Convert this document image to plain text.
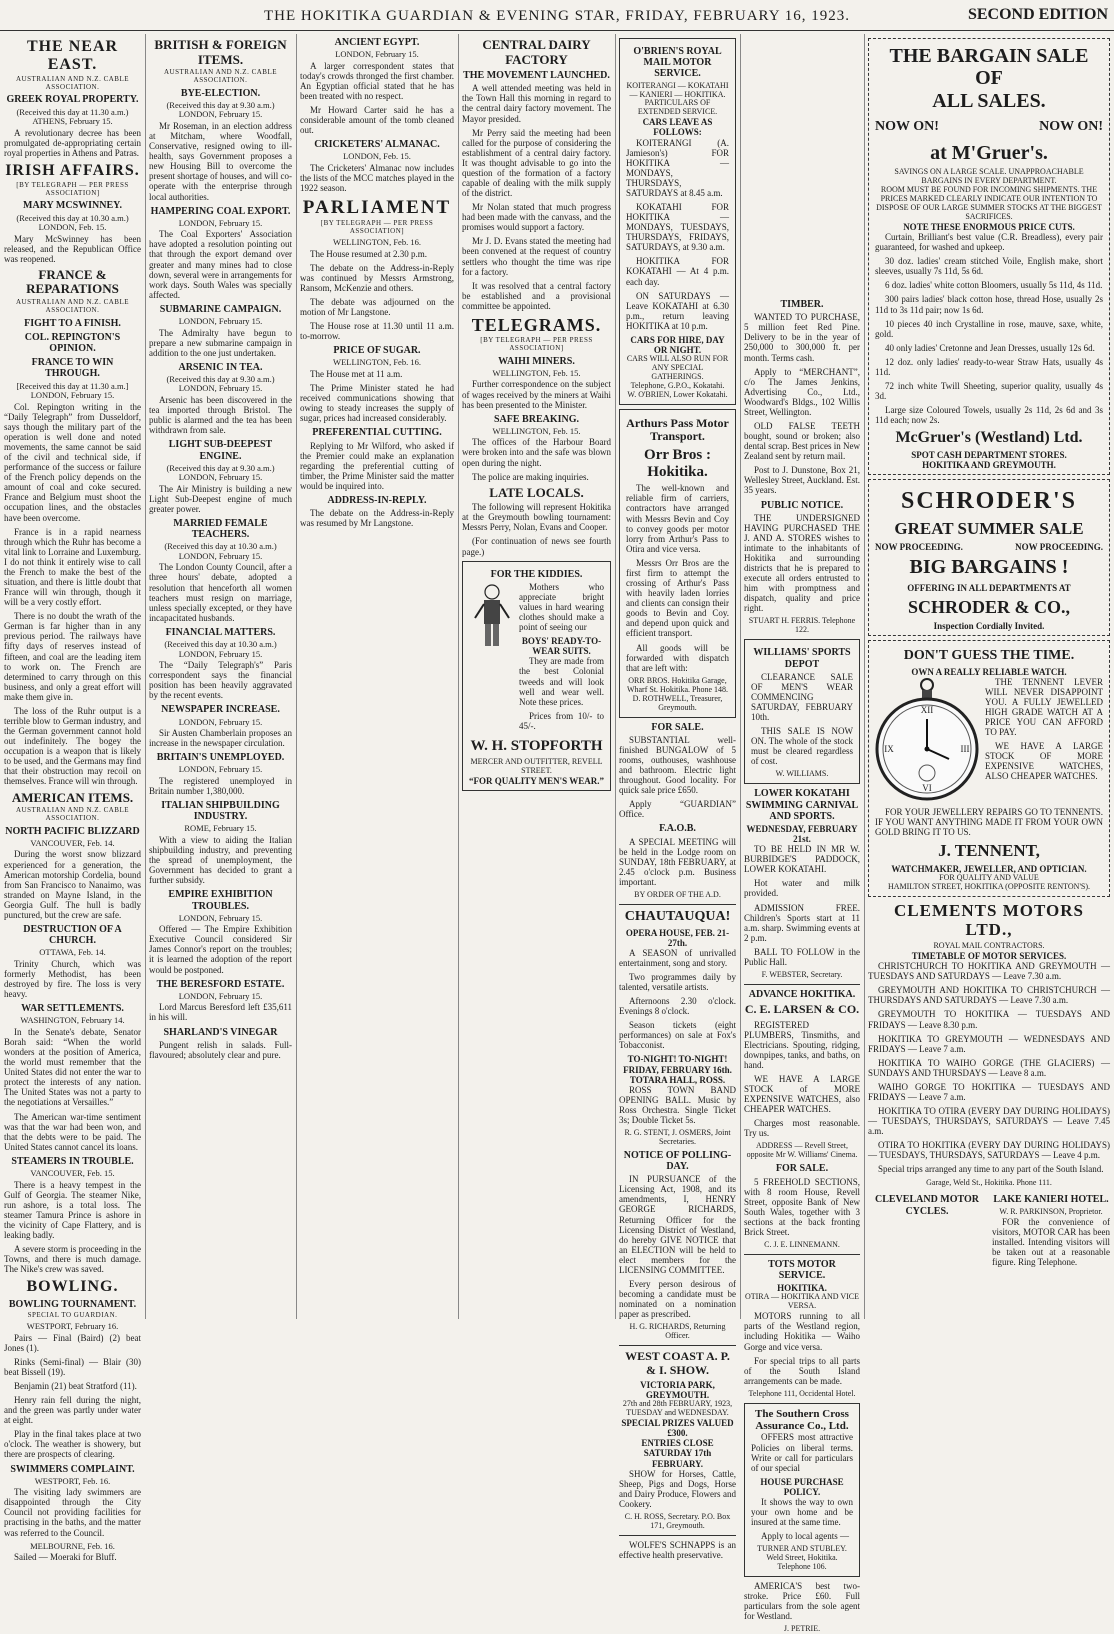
THE HOKITIKA GUARDIAN & EVENING STAR, FRIDAY, FEBRUARY 16, 1923.	SECOND EDITION
THE NEAR EAST.
AUSTRALIAN AND N.Z. CABLE ASSOCIATION.
GREEK ROYAL PROPERTY.
(Received this day at 11.30 a.m.) ATHENS, February 15.

A revolutionary decree has been promulgated de-appropriating certain royal properties in Athens and Patras.

IRISH AFFAIRS.
[BY TELEGRAPH — PER PRESS ASSOCIATION]
MARY MCSWINNEY.
(Received this day at 10.30 a.m.) LONDON, Feb. 15.

Mary McSwinney has been released, and the Republican Office was reopened.

FRANCE & REPARATIONS
AUSTRALIAN AND N.Z. CABLE ASSOCIATION.
FIGHT TO A FINISH.
COL. REPINGTON'S OPINION.
FRANCE TO WIN THROUGH.
[Received this day at 11.30 a.m.] LONDON, February 15.

Col. Repington writing in the “Daily Telegraph” from Dusseldorf, says though the military part of the operation is well done and noted movements, the same cannot be said of the civil and technical side, if performance of the success or failure of the French policy depends on the amount of coal and coke secured. France and Belgium must shoot the occupation lines, and the obstacles have been overcome.

France is in a rapid nearness through which the Ruhr has become a vital link to Lorraine and Luxemburg. I do not think it entirely wise to call the French to make the best of the situation, and there is little doubt that France will win through, though it will be a very costly effort.

There is no doubt the wrath of the German is far higher than in any previous period. The railways have fifty days of reserves instead of fifteen, and coal are the leading item to work on. The French are determined to carry through on this business, and only a great effort will make them give in.

The loss of the Ruhr output is a terrible blow to German industry, and the German government cannot hold out indefinitely. The bogey the occupation is a weapon that is likely to be used, and the Germans may find that their obstruction may recoil on themselves. France will win through.

AMERICAN ITEMS.
AUSTRALIAN AND N.Z. CABLE ASSOCIATION.
NORTH PACIFIC BLIZZARD
VANCOUVER, Feb. 14.

During the worst snow blizzard experienced for a generation, the American motorship Cordelia, bound from San Francisco to Nanaimo, was stranded on Mayne Island, in the Georgia Gulf. The hull is badly punctured, but the crew are safe.

DESTRUCTION OF A CHURCH.
OTTAWA, Feb. 14.

Trinity Church, which was formerly Methodist, has been destroyed by fire. The loss is very heavy.

WAR SETTLEMENTS.
WASHINGTON, February 14.

In the Senate's debate, Senator Borah said: “When the world wonders at the position of America, the world must remember that the United States did not enter the war to protect the interests of any nation. The United States was not a party to the negotiations at Versailles.”

The American war-time sentiment was that the war had been won, and that the debts were to be paid. The United States cannot cancel its loans.

STEAMERS IN TROUBLE.
VANCOUVER, Feb. 15.

There is a heavy tempest in the Gulf of Georgia. The steamer Nike, run ashore, is a total loss. The steamer Tamura Prince is ashore in the vicinity of Cape Flattery, and is leaking badly.

A severe storm is proceeding in the Towns, and there is much damage. The Nike's crew was saved.

BOWLING.
BOWLING TOURNAMENT.
SPECIAL TO GUARDIAN.
WESTPORT, February 16.

Pairs — Final (Baird) (2) beat Jones (1).

Rinks (Semi-final) — Blair (30) beat Bissell (19).

Benjamin (21) beat Stratford (11).

Henry rain fell during the night, and the green was partly under water at eight.

Play in the final takes place at two o'clock. The weather is showery, but there are prospects of clearing.

SWIMMERS COMPLAINT.
WESTPORT, Feb. 16.

The visiting lady swimmers are disappointed through the City Council not providing facilities for practising in the baths, and the matter was referred to the Council.

MELBOURNE, Feb. 16.

Sailed — Moeraki for Bluff.

BRITISH & FOREIGN ITEMS.
AUSTRALIAN AND N.Z. CABLE ASSOCIATION.
BYE-ELECTION.
(Received this day at 9.30 a.m.) LONDON, February 15.

Mr Roseman, in an election address at Mitcham, where Woodfall, Conservative, resigned owing to ill-health, says Government proposes a new Housing Bill to overcome the present shortage of houses, and will co-operate with the enterprise through local authorities.

HAMPERING COAL EXPORT.
LONDON, February 15.

The Coal Exporters' Association have adopted a resolution pointing out that through the export demand over greater and many mines had to close down, several were in arrangements for work days. South Wales was specially affected.

SUBMARINE CAMPAIGN.
LONDON, February 15.

The Admiralty have begun to prepare a new submarine campaign in addition to the one just undertaken.

ARSENIC IN TEA.
(Received this day at 9.30 a.m.) LONDON, February 15.

Arsenic has been discovered in the tea imported through Bristol. The public is alarmed and the tea has been withdrawn from sale.

LIGHT SUB-DEEPEST ENGINE.
(Received this day at 9.30 a.m.) LONDON, February 15.

The Air Ministry is building a new Light Sub-Deepest engine of much greater power.

MARRIED FEMALE TEACHERS.
(Received this day at 10.30 a.m.) LONDON, February 15.

The London County Council, after a three hours' debate, adopted a resolution that henceforth all women teachers must resign on marriage, unless specially excepted, or they have incapacitated husbands.

FINANCIAL MATTERS.
(Received this day at 10.30 a.m.) LONDON, February 15.

The “Daily Telegraph's” Paris correspondent says the financial position has been heavily aggravated by the recent events.

NEWSPAPER INCREASE.
LONDON, February 15.

Sir Austen Chamberlain proposes an increase in the newspaper circulation.

BRITAIN'S UNEMPLOYED.
LONDON, February 15.

The registered unemployed in Britain number 1,380,000.

ITALIAN SHIPBUILDING INDUSTRY.
ROME, February 15.

With a view to aiding the Italian shipbuilding industry, and preventing the spread of unemployment, the Government has decided to grant a further subsidy.

EMPIRE EXHIBITION TROUBLES.
LONDON, February 15.

Offered — The Empire Exhibition Executive Council considered Sir James Connor's report on the troubles; it is learned the adoption of the report would be postponed.

THE BERESFORD ESTATE.
LONDON, February 15.

Lord Marcus Beresford left £35,611 in his will.

SHARLAND'S VINEGAR

Pungent relish in salads. Full-flavoured; absolutely clear and pure.

ANCIENT EGYPT.
LONDON, February 15.

A larger correspondent states that today's crowds thronged the first chamber. An Egyptian official stated that he has been treated with no respect.

Mr Howard Carter said he has a considerable amount of the tomb cleaned out.

CRICKETERS' ALMANAC.
LONDON, Feb. 15.

The Cricketers' Almanac now includes the lists of the MCC matches played in the 1922 season.

PARLIAMENT
[BY TELEGRAPH — PER PRESS ASSOCIATION]
WELLINGTON, Feb. 16.

The House resumed at 2.30 p.m.

The debate on the Address-in-Reply was continued by Messrs Armstrong, Ransom, McKenzie and others.

The debate was adjourned on the motion of Mr Langstone.

The House rose at 11.30 until 11 a.m. to-morrow.

PRICE OF SUGAR.
WELLINGTON, Feb. 16.

The House met at 11 a.m.

The Prime Minister stated he had received communications showing that owing to steady increases the supply of sugar, prices had increased considerably.

PREFERENTIAL CUTTING.

Replying to Mr Wilford, who asked if the Premier could make an explanation regarding the preferential cutting of timber, the Prime Minister said the matter would be inquired into.

ADDRESS-IN-REPLY.

The debate on the Address-in-Reply was resumed by Mr Langstone.

CENTRAL DAIRY FACTORY
THE MOVEMENT LAUNCHED.

A well attended meeting was held in the Town Hall this morning in regard to the central dairy factory movement. The Mayor presided.

Mr Perry said the meeting had been called for the purpose of considering the establishment of a central dairy factory. It was thought advisable to go into the question of the formation of a factory capable of dealing with the milk supply of the district.

Mr Nolan stated that much progress had been made with the canvass, and the promises would support a factory.

Mr J. D. Evans stated the meeting had been convened at the request of country settlers who thought the time was ripe for a factory.

It was resolved that a central factory be established and a provisional committee be appointed.

TELEGRAMS.
[BY TELEGRAPH — PER PRESS ASSOCIATION]
WAIHI MINERS.
WELLINGTON, Feb. 15.

Further correspondence on the subject of wages received by the miners at Waihi has been presented to the Minister.

SAFE BREAKING.
WELLINGTON, Feb. 15.

The offices of the Harbour Board were broken into and the safe was blown open during the night.

The police are making inquiries.

LATE LOCALS.

The following will represent Hokitika at the Greymouth bowling tournament: Messrs Perry, Nolan, Evans and Cooper.

(For continuation of news see fourth page.)

FOR THE KIDDIES.

Mothers who appreciate bright values in hard wearing clothes should make a point of seeing our

BOYS' READY-TO-WEAR SUITS.

They are made from the best Colonial tweeds and will look well and wear well. Note these prices.

Prices from 10/- to 45/-.

W. H. STOPFORTH
MERCER AND OUTFITTER, REVELL STREET.
“FOR QUALITY MEN'S WEAR.”
O'BRIEN'S ROYAL MAIL MOTOR SERVICE.
KOITERANGI — KOKATAHI — KANIERI — HOKITIKA.
PARTICULARS OF EXTENDED SERVICE.
CARS LEAVE AS FOLLOWS:

KOITERANGI (A. Jamieson's) FOR HOKITIKA — MONDAYS, THURSDAYS, SATURDAYS at 8.45 a.m.

KOKATAHI FOR HOKITIKA — MONDAYS, TUESDAYS, THURSDAYS, FRIDAYS, SATURDAYS, at 9.30 a.m.

HOKITIKA FOR KOKATAHI — At 4 p.m. each day.

ON SATURDAYS — Leave KOKATAHI at 6.30 p.m., return leaving HOKITIKA at 10 p.m.

CARS FOR HIRE, DAY OR NIGHT.
CARS WILL ALSO RUN FOR ANY SPECIAL GATHERINGS.
Telephone, G.P.O., Kokatahi.
W. O'BRIEN, Lower Kokatahi.
Arthurs Pass Motor Transport.
Orr Bros : Hokitika.

The well-known and reliable firm of carriers, contractors have arranged with Messrs Bevin and Coy to convey goods per motor lorry from Arthur's Pass to Otira and vice versa.

Messrs Orr Bros are the first firm to attempt the crossing of Arthur's Pass with heavily laden lorries and clients can consign their goods to Bevin and Coy. and depend upon quick and efficient transport.

All goods will be forwarded with dispatch that are left with:

ORR BROS. Hokitika Garage, Wharf St. Hokitika. Phone 148.
D. ROTHWELL, Treasurer, Greymouth.
FOR SALE.

SUBSTANTIAL well-finished BUNGALOW of 5 rooms, outhouses, washhouse and bathroom. Electric light throughout. Good locality. For quick sale price £650.

Apply “GUARDIAN” Office.

F.A.O.B.

A SPECIAL MEETING will be held in the Lodge room on SUNDAY, 18th FEBRUARY, at 2.45 o'clock p.m. Business important.

BY ORDER OF THE A.D.
CHAUTAUQUA!
OPERA HOUSE, FEB. 21-27th.

A SEASON of unrivalled entertainment, song and story.

Two programmes daily by talented, versatile artists.

Afternoons 2.30 o'clock. Evenings 8 o'clock.

Season tickets (eight performances) on sale at Fox's Tobacconist.

TO-NIGHT! TO-NIGHT!
FRIDAY, FEBRUARY 16th.
TOTARA HALL, ROSS.

ROSS TOWN BAND OPENING BALL. Music by Ross Orchestra. Single Ticket 3s; Double Ticket 5s.

R. G. STENT, J. OSMERS, Joint Secretaries.
NOTICE OF POLLING-DAY.

IN PURSUANCE of the Licensing Act, 1908, and its amendments, I, HENRY GEORGE RICHARDS, Returning Officer for the Licensing District of Westland, do hereby GIVE NOTICE that an ELECTION will be held to elect members for the LICENSING COMMITTEE.

Every person desirous of becoming a candidate must be nominated on a nomination paper as prescribed.

H. G. RICHARDS, Returning Officer.
WEST COAST A. P. & I. SHOW.
VICTORIA PARK, GREYMOUTH.
27th and 28th FEBRUARY, 1923, TUESDAY and WEDNESDAY.
SPECIAL PRIZES VALUED £300.
ENTRIES CLOSE SATURDAY 17th FEBRUARY.

SHOW for Horses, Cattle, Sheep, Pigs and Dogs, Horse and Dairy Produce, Flowers and Cookery.

C. H. ROSS, Secretary. P.O. Box 171, Greymouth.

WOLFE'S SCHNAPPS is an effective health preservative.

TIMBER.

WANTED TO PURCHASE, 5 million feet Red Pine. Delivery to be in the year of 250,000 to 300,000 ft. per month. Terms cash.

Apply to “MERCHANT”, c/o The James Jenkins, Advertising Co., Ltd., Woodward's Bldgs., 102 Willis Street, Wellington.

OLD FALSE TEETH bought, sound or broken; also dental scrap. Best prices in New Zealand sent by return mail.

Post to J. Dunstone, Box 21, Wellesley Street, Auckland. Est. 35 years.

PUBLIC NOTICE.

THE UNDERSIGNED HAVING PURCHASED THE J. AND A. STORES wishes to intimate to the inhabitants of Hokitika and surrounding districts that he is prepared to execute all orders entrusted to him with promptness and dispatch, quality and price right.

STUART H. FERRIS. Telephone 122.
WILLIAMS' SPORTS DEPOT

CLEARANCE SALE OF MEN'S WEAR COMMENCING SATURDAY, FEBRUARY 10th.

THIS SALE IS NOW ON. The whole of the stock must be cleared regardless of cost.

W. WILLIAMS.
LOWER KOKATAHI SWIMMING CARNIVAL AND SPORTS.
WEDNESDAY, FEBRUARY 21st.

TO BE HELD IN MR W. BURBIDGE'S PADDOCK, LOWER KOKATAHI.

Hot water and milk provided.

ADMISSION FREE. Children's Sports start at 11 a.m. sharp. Swimming events at 2 p.m.

BALL TO FOLLOW in the Public Hall.

F. WEBSTER, Secretary.
ADVANCE HOKITIKA.
C. E. LARSEN & CO.

REGISTERED PLUMBERS, Tinsmiths, and Electricians. Spouting, ridging, downpipes, tanks, and baths, on hand.

WE HAVE A LARGE STOCK of MORE EXPENSIVE WATCHES, also CHEAPER WATCHES.

Charges most reasonable. Try us.

ADDRESS — Revell Street, opposite Mr W. Williams' Cinema.
FOR SALE.

5 FREEHOLD SECTIONS, with 8 room House, Revell Street, opposite Bank of New South Wales, together with 3 sections at the back fronting Brick Street.

C. J. E. LINNEMANN.
TOTS MOTOR SERVICE.
HOKITIKA.
OTIRA — HOKITIKA AND VICE VERSA.

MOTORS running to all parts of the Westland region, including Hokitika — Waiho Gorge and vice versa.

For special trips to all parts of the South Island arrangements can be made.

Telephone 111, Occidental Hotel.
The Southern Cross Assurance Co., Ltd.

OFFERS most attractive Policies on liberal terms. Write or call for particulars of our special

HOUSE PURCHASE POLICY.

It shows the way to own your own home and be insured at the same time.

Apply to local agents —

TURNER AND STUBLEY. Weld Street, Hokitika. Telephone 106.

AMERICA'S best two-stroke. Price £60. Full particulars from the sole agent for Westland.

J. PETRIE.
THE BARGAIN SALE OF
ALL SALES.
NOW ON!	NOW ON!
at M'Gruer's.
SAVINGS ON A LARGE SCALE. UNAPPROACHABLE BARGAINS IN EVERY DEPARTMENT.
ROOM MUST BE FOUND FOR INCOMING SHIPMENTS. THE PRICES MARKED CLEARLY INDICATE OUR INTENTION TO DISPOSE OF OUR LARGE SUMMER STOCKS AT THE BIGGEST SACRIFICES.
NOTE THESE ENORMOUS PRICE CUTS.

Curtain, Brilliant's best value (C.R. Breadless), every pair guaranteed, for washed and upkeep.

30 doz. ladies' cream stitched Voile, English make, short sleeves, usually 7s 11d, 5s 6d.

6 doz. ladies' white cotton Bloomers, usually 5s 11d, 4s 11d.

300 pairs ladies' black cotton hose, thread Hose, usually 2s 11d to 3s 11d pair; now 1s 6d.

10 pieces 40 inch Crystalline in rose, mauve, saxe, white, gold.

40 only ladies' Cretonne and Jean Dresses, usually 12s 6d.

12 doz. only ladies' ready-to-wear Straw Hats, usually 4s 11d.

72 inch white Twill Sheeting, superior quality, usually 4s 3d.

Large size Coloured Towels, usually 2s 11d, 2s 6d and 3s 11d each; now 2s.

McGruer's (Westland) Ltd.
SPOT CASH DEPARTMENT STORES.
HOKITIKA AND GREYMOUTH.
SCHRODER'S
GREAT SUMMER SALE
NOW PROCEEDING.	NOW PROCEEDING.
BIG BARGAINS !
OFFERING IN ALL DEPARTMENTS AT
SCHRODER & CO.,
Inspection Cordially Invited.
DON'T GUESS THE TIME.
OWN A REALLY RELIABLE WATCH.
XII
III
VI
IX

THE TENNENT LEVER WILL NEVER DISAPPOINT YOU. A FULLY JEWELLED HIGH GRADE WATCH AT A PRICE YOU CAN AFFORD TO PAY.

WE HAVE A LARGE STOCK OF MORE EXPENSIVE WATCHES, ALSO CHEAPER WATCHES.

FOR YOUR JEWELLERY REPAIRS GO TO TENNENTS. IF YOU WANT ANYTHING MADE IT FROM YOUR OWN GOLD BRING IT TO US.

J. TENNENT,
WATCHMAKER, JEWELLER, AND OPTICIAN.
FOR QUALITY AND VALUE
HAMILTON STREET, HOKITIKA (OPPOSITE RENTON'S).
CLEMENTS MOTORS LTD.,
ROYAL MAIL CONTRACTORS.
TIMETABLE OF MOTOR SERVICES.

CHRISTCHURCH TO HOKITIKA AND GREYMOUTH — TUESDAYS AND SATURDAYS — Leave 7.30 a.m.

GREYMOUTH AND HOKITIKA TO CHRISTCHURCH — THURSDAYS AND SATURDAYS — Leave 7.30 a.m.

GREYMOUTH TO HOKITIKA — TUESDAYS AND FRIDAYS — Leave 8.30 p.m.

HOKITIKA TO GREYMOUTH — WEDNESDAYS AND FRIDAYS — Leave 7 a.m.

HOKITIKA TO WAIHO GORGE (THE GLACIERS) — SUNDAYS AND THURSDAYS — Leave 8 a.m.

WAIHO GORGE TO HOKITIKA — TUESDAYS AND FRIDAYS — Leave 7 a.m.

HOKITIKA TO OTIRA (EVERY DAY DURING HOLIDAYS) — TUESDAYS, THURSDAYS, SATURDAYS — Leave 7.45 a.m.

OTIRA TO HOKITIKA (EVERY DAY DURING HOLIDAYS) — TUESDAYS, THURSDAYS, SATURDAYS — Leave 4 p.m.

Special trips arranged any time to any part of the South Island.

Garage, Weld St., Hokitika. Phone 111.
CLEVELAND MOTOR CYCLES.
LAKE KANIERI HOTEL.
W. R. PARKINSON, Proprietor.

FOR the convenience of visitors, MOTOR CAR has been installed. Intending visitors will be taken out at a reasonable figure. Ring Telephone.
